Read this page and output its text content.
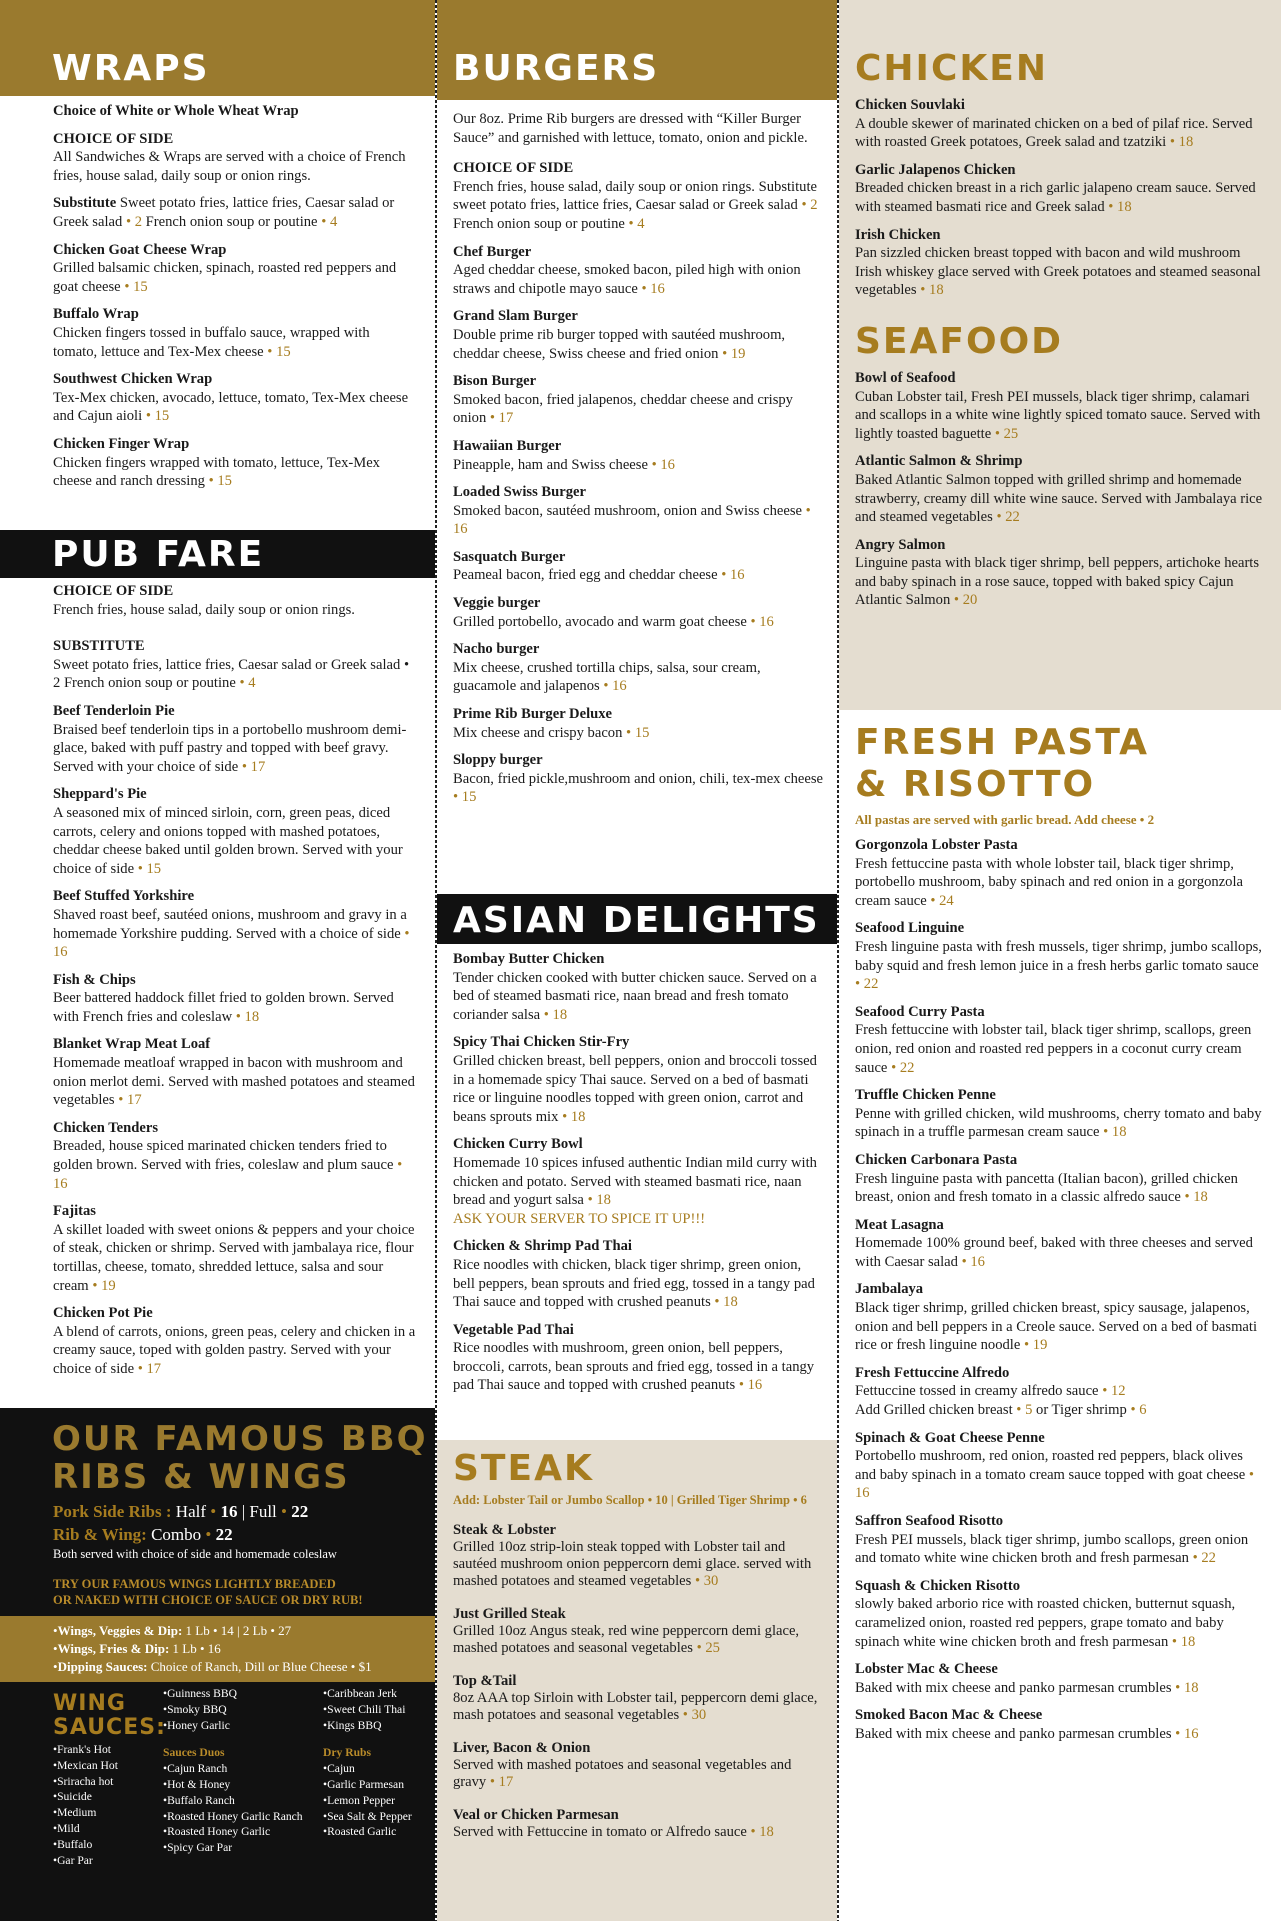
WRAPS
Choice of White or Whole Wheat Wrap
CHOICE OF SIDE
All Sandwiches & Wraps are served with a choice of French fries, house salad, daily soup or onion rings.
Substitute Sweet potato fries, lattice fries, Caesar salad or Greek salad • 2 French onion soup or poutine • 4
Chicken Goat Cheese Wrap
Grilled balsamic chicken, spinach, roasted red peppers and goat cheese • 15
Buffalo Wrap
Chicken fingers tossed in buffalo sauce, wrapped with tomato, lettuce and Tex-Mex cheese • 15
Southwest Chicken Wrap
Tex-Mex chicken, avocado, lettuce, tomato, Tex-Mex cheese and Cajun aioli • 15
Chicken Finger Wrap
Chicken fingers wrapped with tomato, lettuce, Tex-Mex cheese and ranch dressing • 15
PUB FARE
CHOICE OF SIDE
French fries, house salad, daily soup or onion rings.
SUBSTITUTE
Sweet potato fries, lattice fries, Caesar salad or Greek salad • 2 French onion soup or poutine • 4
Beef Tenderloin Pie
Braised beef tenderloin tips in a portobello mushroom demi-glace, baked with puff pastry and topped with beef gravy. Served with your choice of side • 17
Sheppard's Pie
A seasoned mix of minced sirloin, corn, green peas, diced carrots, celery and onions topped with mashed potatoes, cheddar cheese baked until golden brown. Served with your choice of side • 15
Beef Stuffed Yorkshire
Shaved roast beef, sautéed onions, mushroom and gravy in a homemade Yorkshire pudding. Served with a choice of side • 16
Fish & Chips
Beer battered haddock fillet fried to golden brown. Served with French fries and coleslaw • 18
Blanket Wrap Meat Loaf
Homemade meatloaf wrapped in bacon with mushroom and onion merlot demi. Served with mashed potatoes and steamed vegetables • 17
Chicken Tenders
Breaded, house spiced marinated chicken tenders fried to golden brown. Served with fries, coleslaw and plum sauce • 16
Fajitas
A skillet loaded with sweet onions & peppers and your choice of steak, chicken or shrimp. Served with jambalaya rice, flour tortillas, cheese, tomato, shredded lettuce, salsa and sour cream • 19
Chicken Pot Pie
A blend of carrots, onions, green peas, celery and chicken in a creamy sauce, toped with golden pastry. Served with your choice of side • 17
OUR FAMOUS BBQ
RIBS & WINGS
Pork Side Ribs : Half • 16 | Full • 22
Rib & Wing: Combo • 22
Both served with choice of side and homemade coleslaw
TRY OUR FAMOUS WINGS LIGHTLY BREADED
OR NAKED WITH CHOICE OF SAUCE OR DRY RUB!
• Wings, Veggies & Dip: 1 Lb • 14 | 2 Lb • 27
• Wings, Fries & Dip: 1 Lb • 16
• Dipping Sauces: Choice of Ranch, Dill or Blue Cheese • $1
WING
SAUCES:
• Frank's Hot
• Mexican Hot
• Sriracha hot
• Suicide
• Medium
• Mild
• Buffalo
• Gar Par
• Guinness BBQ
• Smoky BBQ
• Honey Garlic
Sauces Duos
• Cajun Ranch
• Hot & Honey
• Buffalo Ranch
• Roasted Honey Garlic Ranch
• Roasted Honey Garlic
• Spicy Gar Par
• Caribbean Jerk
• Sweet Chili Thai
• Kings BBQ
Dry Rubs
• Cajun
• Garlic Parmesan
• Lemon Pepper
• Sea Salt & Pepper
• Roasted Garlic
BURGERS
Our 8oz. Prime Rib burgers are dressed with “Killer Burger Sauce” and garnished with lettuce, tomato, onion and pickle.
CHOICE OF SIDE
French fries, house salad, daily soup or onion rings. Substitute sweet potato fries, lattice fries, Caesar salad or Greek salad • 2 French onion soup or poutine • 4
Chef Burger
Aged cheddar cheese, smoked bacon, piled high with onion straws and chipotle mayo sauce • 16
Grand Slam Burger
Double prime rib burger topped with sautéed mushroom, cheddar cheese, Swiss cheese and fried onion • 19
Bison Burger
Smoked bacon, fried jalapenos, cheddar cheese and crispy onion • 17
Hawaiian Burger
Pineapple, ham and Swiss cheese • 16
Loaded Swiss Burger
Smoked bacon, sautéed mushroom, onion and Swiss cheese • 16
Sasquatch Burger
Peameal bacon, fried egg and cheddar cheese • 16
Veggie burger
Grilled portobello, avocado and warm goat cheese • 16
Nacho burger
Mix cheese, crushed tortilla chips, salsa, sour cream, guacamole and jalapenos • 16
Prime Rib Burger Deluxe
Mix cheese and crispy bacon • 15
Sloppy burger
Bacon, fried pickle,mushroom and onion, chili, tex-mex cheese • 15
ASIAN DELIGHTS
Bombay Butter Chicken
Tender chicken cooked with butter chicken sauce. Served on a bed of steamed basmati rice, naan bread and fresh tomato coriander salsa • 18
Spicy Thai Chicken Stir-Fry
Grilled chicken breast, bell peppers, onion and broccoli tossed in a homemade spicy Thai sauce. Served on a bed of basmati rice or linguine noodles topped with green onion, carrot and beans sprouts mix • 18
Chicken Curry Bowl
Homemade 10 spices infused authentic Indian mild curry with chicken and potato. Served with steamed basmati rice, naan bread and yogurt salsa • 18
ASK YOUR SERVER TO SPICE IT UP!!!
Chicken & Shrimp Pad Thai
Rice noodles with chicken, black tiger shrimp, green onion, bell peppers, bean sprouts and fried egg, tossed in a tangy pad Thai sauce and topped with crushed peanuts • 18
Vegetable Pad Thai
Rice noodles with mushroom, green onion, bell peppers, broccoli, carrots, bean sprouts and fried egg, tossed in a tangy pad Thai sauce and topped with crushed peanuts • 16
STEAK
Add: Lobster Tail or Jumbo Scallop • 10 | Grilled Tiger Shrimp • 6
Steak & Lobster
Grilled 10oz strip-loin steak topped with Lobster tail and sautéed mushroom onion peppercorn demi glace. served with mashed potatoes and steamed vegetables • 30
Just Grilled Steak
Grilled 10oz Angus steak, red wine peppercorn demi glace, mashed potatoes and seasonal vegetables • 25
Top &Tail
8oz AAA top Sirloin with Lobster tail, peppercorn demi glace, mash potatoes and seasonal vegetables • 30
Liver, Bacon & Onion
Served with mashed potatoes and seasonal vegetables and gravy • 17
Veal or Chicken Parmesan
Served with Fettuccine in tomato or Alfredo sauce • 18
CHICKEN
Chicken Souvlaki
A double skewer of marinated chicken on a bed of pilaf rice. Served with roasted Greek potatoes, Greek salad and tzatziki • 18
Garlic Jalapenos Chicken
Breaded chicken breast in a rich garlic jalapeno cream sauce. Served with steamed basmati rice and Greek salad • 18
Irish Chicken
Pan sizzled chicken breast topped with bacon and wild mushroom Irish whiskey glace served with Greek potatoes and steamed seasonal vegetables • 18
SEAFOOD
Bowl of Seafood
Cuban Lobster tail, Fresh PEI mussels, black tiger shrimp, calamari and scallops in a white wine lightly spiced tomato sauce. Served with lightly toasted baguette • 25
Atlantic Salmon & Shrimp
Baked Atlantic Salmon topped with grilled shrimp and homemade strawberry, creamy dill white wine sauce. Served with Jambalaya rice and steamed vegetables • 22
Angry Salmon
Linguine pasta with black tiger shrimp, bell peppers, artichoke hearts and baby spinach in a rose sauce, topped with baked spicy Cajun Atlantic Salmon • 20
FRESH PASTA
& RISOTTO
All pastas are served with garlic bread. Add cheese • 2
Gorgonzola Lobster Pasta
Fresh fettuccine pasta with whole lobster tail, black tiger shrimp, portobello mushroom, baby spinach and red onion in a gorgonzola cream sauce • 24
Seafood Linguine
Fresh linguine pasta with fresh mussels, tiger shrimp, jumbo scallops, baby squid and fresh lemon juice in a fresh herbs garlic tomato sauce • 22
Seafood Curry Pasta
Fresh fettuccine with lobster tail, black tiger shrimp, scallops, green onion, red onion and roasted red peppers in a coconut curry cream sauce • 22
Truffle Chicken Penne
Penne with grilled chicken, wild mushrooms, cherry tomato and baby spinach in a truffle parmesan cream sauce • 18
Chicken Carbonara Pasta
Fresh linguine pasta with pancetta (Italian bacon), grilled chicken breast, onion and fresh tomato in a classic alfredo sauce • 18
Meat Lasagna
Homemade 100% ground beef, baked with three cheeses and served with Caesar salad • 16
Jambalaya
Black tiger shrimp, grilled chicken breast, spicy sausage, jalapenos, onion and bell peppers in a Creole sauce. Served on a bed of basmati rice or fresh linguine noodle • 19
Fresh Fettuccine Alfredo
Fettuccine tossed in creamy alfredo sauce • 12
Add Grilled chicken breast • 5 or Tiger shrimp • 6
Spinach & Goat Cheese Penne
Portobello mushroom, red onion, roasted red peppers, black olives and baby spinach in a tomato cream sauce topped with goat cheese • 16
Saffron Seafood Risotto
Fresh PEI mussels, black tiger shrimp, jumbo scallops, green onion and tomato white wine chicken broth and fresh parmesan • 22
Squash & Chicken Risotto
slowly baked arborio rice with roasted chicken, butternut squash, caramelized onion, roasted red peppers, grape tomato and baby spinach white wine chicken broth and fresh parmesan • 18
Lobster Mac & Cheese
Baked with mix cheese and panko parmesan crumbles • 18
Smoked Bacon Mac & Cheese
Baked with mix cheese and panko parmesan crumbles • 16
